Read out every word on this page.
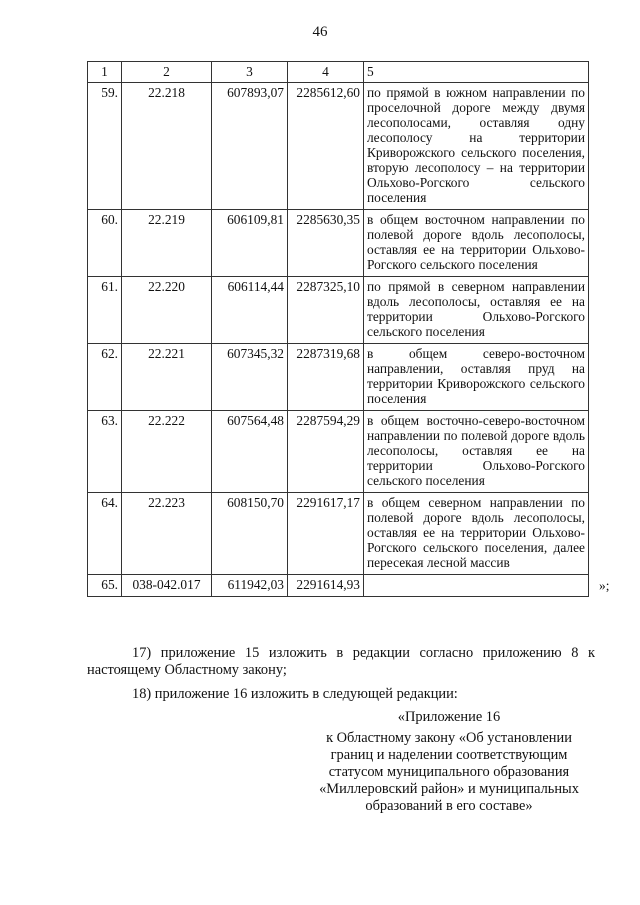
46
1	2	3	4	5
59.	22.218	607893,07	2285612,60	по прямой в южном направлении по проселочной дороге между двумя лесополосами, оставляя одну лесополосу на территории Криворожского сельского поселения, вторую лесополосу – на территории Ольхово-Рогского сельского поселения
60.	22.219	606109,81	2285630,35	в общем восточном направлении по полевой дороге вдоль лесополосы, оставляя ее на территории Ольхово-Рогского сельского поселения
61.	22.220	606114,44	2287325,10	по прямой в северном направлении вдоль лесополосы, оставляя ее на территории Ольхово-Рогского сельского поселения
62.	22.221	607345,32	2287319,68	в общем северо-восточном направлении, оставляя пруд на территории Криворожского сельского поселения
63.	22.222	607564,48	2287594,29	в общем восточно-северо-восточном направлении по полевой дороге вдоль лесополосы, оставляя ее на территории Ольхово-Рогского сельского поселения
64.	22.223	608150,70	2291617,17	в общем северном направлении по полевой дороге вдоль лесополосы, оставляя ее на территории Ольхово-Рогского сельского поселения, далее пересекая лесной массив
65.	038-042.017	611942,03	2291614,93		»;
17) приложение 15 изложить в редакции согласно приложению 8 к настоящему Областному закону;
18) приложение 16 изложить в следующей редакции:
«Приложение 16
к Областному закону «Об установлении границ и наделении соответствующим статусом муниципального образования «Миллеровский район» и муниципальных образований в его составе»
